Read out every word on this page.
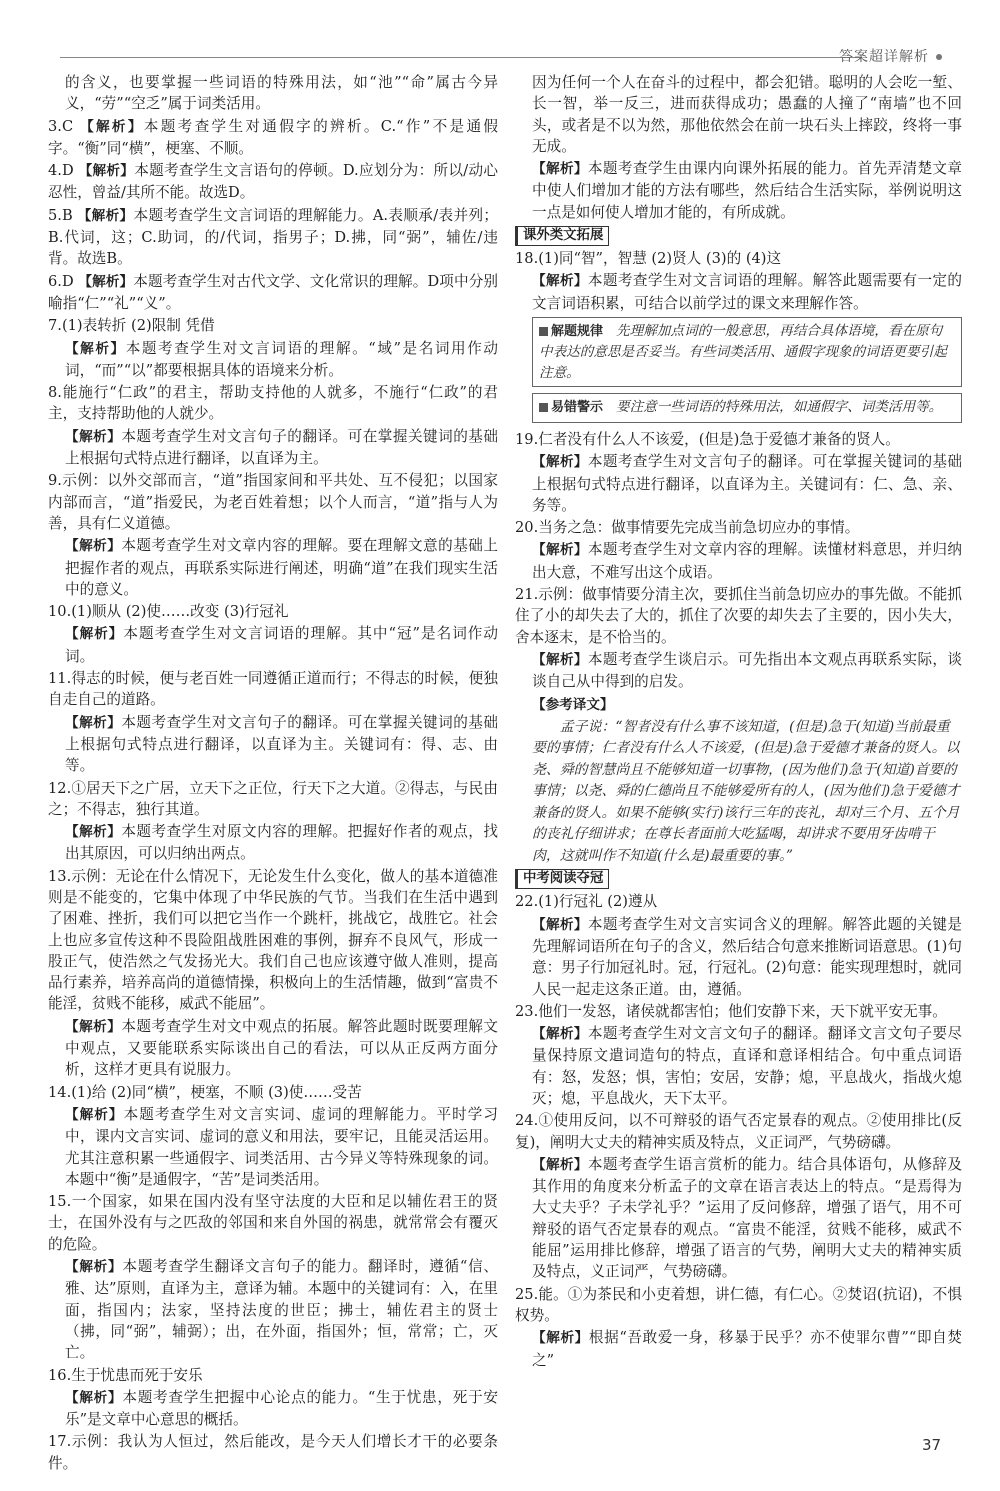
答案超详解析
的含义，也要掌握一些词语的特殊用法，如“池”“命”属古今异义，“劳”“空乏”属于词类活用。
3.C 【解析】本题考查学生对通假字的辨析。C.“作”不是通假字。“衡”同“横”，梗塞、不顺。
4.D 【解析】本题考查学生文言语句的停顿。D.应划分为：所以/动心忍性，曾益/其所不能。故选D。
5.B 【解析】本题考查学生文言词语的理解能力。A.表顺承/表并列；B.代词，这；C.助词，的/代词，指男子；D.拂，同“弼”，辅佐/违背。故选B。
6.D 【解析】本题考查学生对古代文学、文化常识的理解。D项中分别喻指“仁”“礼”“义”。
7.(1)表转折 (2)限制 凭借
【解析】本题考查学生对文言词语的理解。“域”是名词用作动词，“而”“以”都要根据具体的语境来分析。
8.能施行“仁政”的君主，帮助支持他的人就多，不施行“仁政”的君主，支持帮助他的人就少。
【解析】本题考查学生对文言句子的翻译。可在掌握关键词的基础上根据句式特点进行翻译，以直译为主。
9.示例：以外交部而言，“道”指国家间和平共处、互不侵犯；以国家内部而言，“道”指爱民，为老百姓着想；以个人而言，“道”指与人为善，具有仁义道德。
【解析】本题考查学生对文章内容的理解。要在理解文意的基础上把握作者的观点，再联系实际进行阐述，明确“道”在我们现实生活中的意义。
10.(1)顺从 (2)使……改变 (3)行冠礼
【解析】本题考查学生对文言词语的理解。其中“冠”是名词作动词。
11.得志的时候，便与老百姓一同遵循正道而行；不得志的时候，便独自走自己的道路。
【解析】本题考查学生对文言句子的翻译。可在掌握关键词的基础上根据句式特点进行翻译，以直译为主。关键词有：得、志、由等。
12.①居天下之广居，立天下之正位，行天下之大道。②得志，与民由之；不得志，独行其道。
【解析】本题考查学生对原文内容的理解。把握好作者的观点，找出其原因，可以归纳出两点。
13.示例：无论在什么情况下，无论发生什么变化，做人的基本道德准则是不能变的，它集中体现了中华民族的气节。当我们在生活中遇到了困难、挫折，我们可以把它当作一个跳杆，挑战它，战胜它。社会上也应多宣传这种不畏险阻战胜困难的事例，摒弃不良风气，形成一股正气，使浩然之气发扬光大。我们自己也应该遵守做人准则，提高品行素养，培养高尚的道德情操，积极向上的生活情趣，做到“富贵不能淫，贫贱不能移，威武不能屈”。
【解析】本题考查学生对文中观点的拓展。解答此题时既要理解文中观点，又要能联系实际谈出自己的看法，可以从正反两方面分析，这样才更具有说服力。
14.(1)给 (2)同“横”，梗塞，不顺 (3)使……受苦
【解析】本题考查学生对文言实词、虚词的理解能力。平时学习中，课内文言实词、虚词的意义和用法，要牢记，且能灵活运用。尤其注意积累一些通假字、词类活用、古今异义等特殊现象的词。本题中“衡”是通假字，“苦”是词类活用。
15.一个国家，如果在国内没有坚守法度的大臣和足以辅佐君王的贤士，在国外没有与之匹敌的邻国和来自外国的祸患，就常常会有覆灭的危险。
【解析】本题考查学生翻译文言句子的能力。翻译时，遵循“信、雅、达”原则，直译为主，意译为辅。本题中的关键词有：入，在里面，指国内；法家，坚持法度的世臣；拂士，辅佐君主的贤士（拂，同“弼”，辅弼）；出，在外面，指国外；恒，常常；亡，灭亡。
16.生于忧患而死于安乐
【解析】本题考查学生把握中心论点的能力。“生于忧患，死于安乐”是文章中心意思的概括。
17.示例：我认为人恒过，然后能改，是今天人们增长才干的必要条件。
因为任何一个人在奋斗的过程中，都会犯错。聪明的人会吃一堑、长一智，举一反三，进而获得成功；愚蠢的人撞了“南墙”也不回头，或者是不以为然，那他依然会在前一块石头上摔跤，终将一事无成。
【解析】本题考查学生由课内向课外拓展的能力。首先弄清楚文章中使人们增加才能的方法有哪些，然后结合生活实际，举例说明这一点是如何使人增加才能的，有所成就。
课外类文拓展
18.(1)同“智”，智慧 (2)贤人 (3)的 (4)这
【解析】本题考查学生对文言词语的理解。解答此题需要有一定的文言词语积累，可结合以前学过的课文来理解作答。
解题规律　先理解加点词的一般意思，再结合具体语境，看在原句中表达的意思是否妥当。有些词类活用、通假字现象的词语更要引起注意。
易错警示　要注意一些词语的特殊用法，如通假字、词类活用等。
19.仁者没有什么人不该爱，(但是)急于爱德才兼备的贤人。
【解析】本题考查学生对文言句子的翻译。可在掌握关键词的基础上根据句式特点进行翻译，以直译为主。关键词有：仁、急、亲、务等。
20.当务之急：做事情要先完成当前急切应办的事情。
【解析】本题考查学生对文章内容的理解。读懂材料意思，并归纳出大意，不难写出这个成语。
21.示例：做事情要分清主次，要抓住当前急切应办的事先做。不能抓住了小的却失去了大的，抓住了次要的却失去了主要的，因小失大，舍本逐末，是不恰当的。
【解析】本题考查学生谈启示。可先指出本文观点再联系实际，谈谈自己从中得到的启发。
【参考译文】
　　孟子说：“智者没有什么事不该知道，(但是)急于(知道)当前最重要的事情；仁者没有什么人不该爱，(但是)急于爱德才兼备的贤人。以尧、舜的智慧尚且不能够知道一切事物，(因为他们)急于(知道)首要的事情；以尧、舜的仁德尚且不能够爱所有的人，(因为他们)急于爱德才兼备的贤人。如果不能够(实行)该行三年的丧礼，却对三个月、五个月的丧礼仔细讲求；在尊长者面前大吃猛喝，却讲求不要用牙齿啃干肉，这就叫作不知道(什么是)最重要的事。”
中考阅读夺冠
22.(1)行冠礼 (2)遵从
【解析】本题考查学生对文言实词含义的理解。解答此题的关键是先理解词语所在句子的含义，然后结合句意来推断词语意思。(1)句意：男子行加冠礼时。冠，行冠礼。(2)句意：能实现理想时，就同人民一起走这条正道。由，遵循。
23.他们一发怒，诸侯就都害怕；他们安静下来，天下就平安无事。
【解析】本题考查学生对文言文句子的翻译。翻译文言文句子要尽量保持原文遣词造句的特点，直译和意译相结合。句中重点词语有：怒，发怒；惧，害怕；安居，安静；熄，平息战火，指战火熄灭；熄，平息战火，天下太平。
24.①使用反问，以不可辩驳的语气否定景春的观点。②使用排比(反复)，阐明大丈夫的精神实质及特点，义正词严，气势磅礴。
【解析】本题考查学生语言赏析的能力。结合具体语句，从修辞及其作用的角度来分析孟子的文章在语言表达上的特点。“是焉得为大丈夫乎？子未学礼乎？”运用了反问修辞，增强了语气，用不可辩驳的语气否定景春的观点。“富贵不能淫，贫贱不能移，威武不能屈”运用排比修辞，增强了语言的气势，阐明大丈夫的精神实质及特点，义正词严，气势磅礴。
25.能。①为茶民和小吏着想，讲仁德，有仁心。②焚诏(抗诏)，不惧权势。
【解析】根据“吾敢爱一身，移暴于民乎？亦不使罪尔曹”“即自焚之”
37
